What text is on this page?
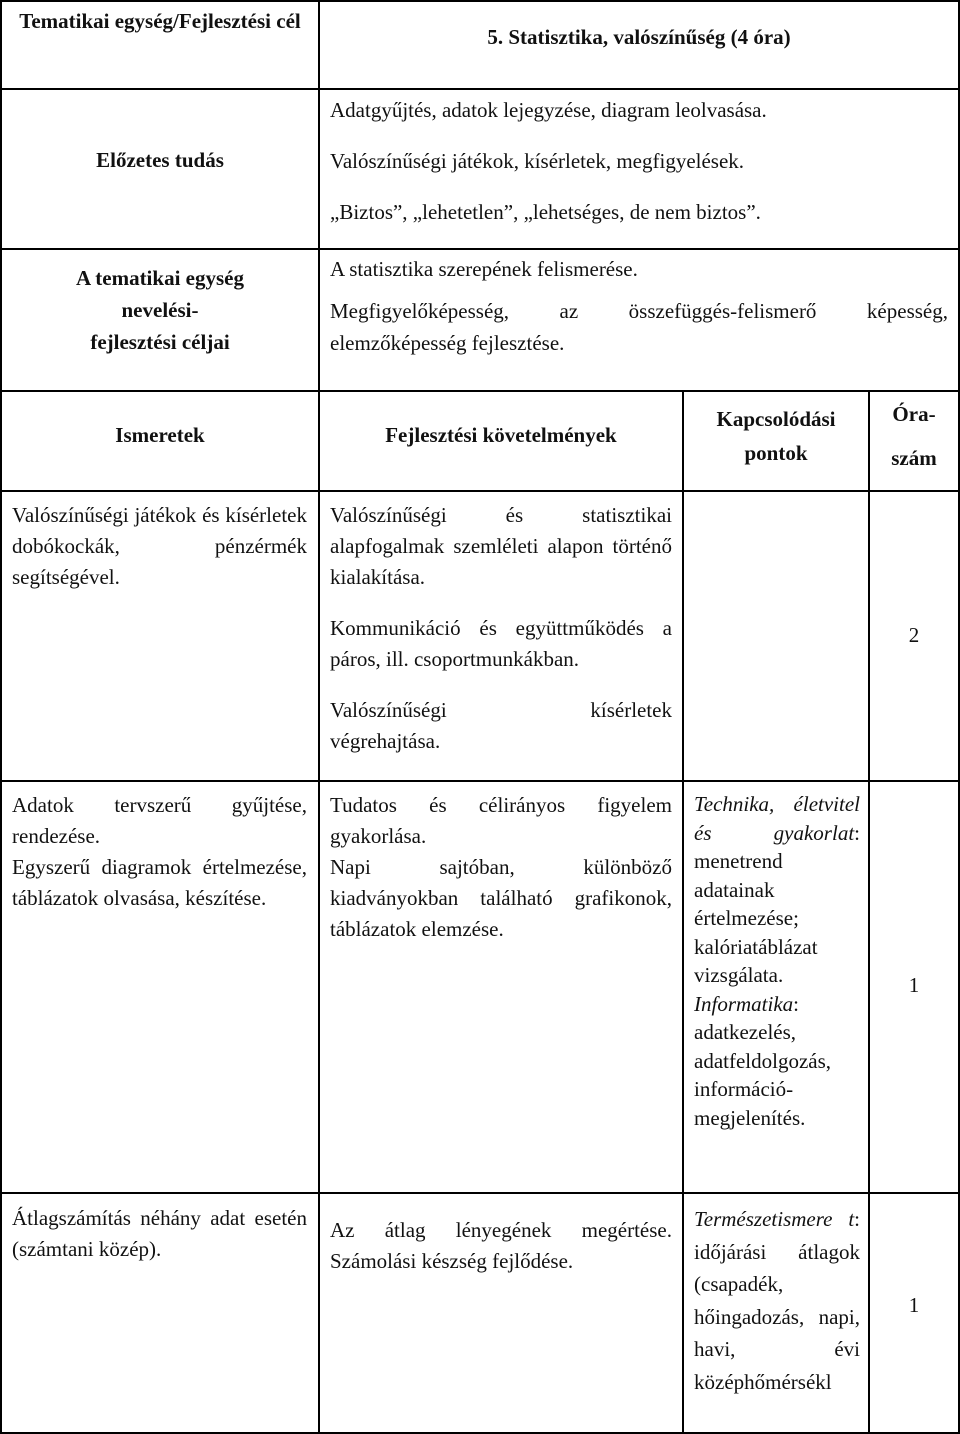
Tematikai egység/Fejlesztési cél
5. Statisztika, valószínűség (4 óra)
Előzetes tudás

Adatgyűjtés, adatok lejegyzése, diagram leolvasása.

Valószínűségi játékok, kísérletek, megfigyelések.

„Biztos”, „lehetetlen”, „lehetséges, de nem biztos”.

A tematikai egység
nevelési-
fejlesztési céljai

A statisztika szerepének felismerése.

Megfigyelőképesség, az összefüggés-felismerő képesség,

elemzőképesség fejlesztése.

Ismeretek	Fejlesztési követelmények
Kapcsolódási
pontok
Óra-
szám
Valószínűségi játékok és kísérletek dobókockák, pénzérmék segítségével.

Valószínűségi és statisztikai alapfogalmak szemléleti alapon történő kialakítása.

Kommunikáció és együttműködés a páros, ill. csoportmunkákban.

Valószínűségi kísérletek végrehajtása.

2

Adatok tervszerű gyűjtése, rendezése.

Egyszerű diagramok értelmezése, táblázatok olvasása, készítése.

Tudatos és célirányos figyelem gyakorlása.

Napi sajtóban, különböző kiadványokban található grafikonok, táblázatok elemzése.

Technika, életvitel és gyakorlat: menetrend adatainak értelmezése; kalóriatáblázat vizsgálata.
Informatika: adatkezelés, adatfeldolgozás, információ-megjelenítés.
1
Átlagszámítás néhány adat esetén (számtani közép).
Az átlag lényegének megértése. Számolási készség fejlődése.
Természetismere t: időjárási átlagok (csapadék, hőingadozás, napi, havi, évi középhőmérsékl
1
